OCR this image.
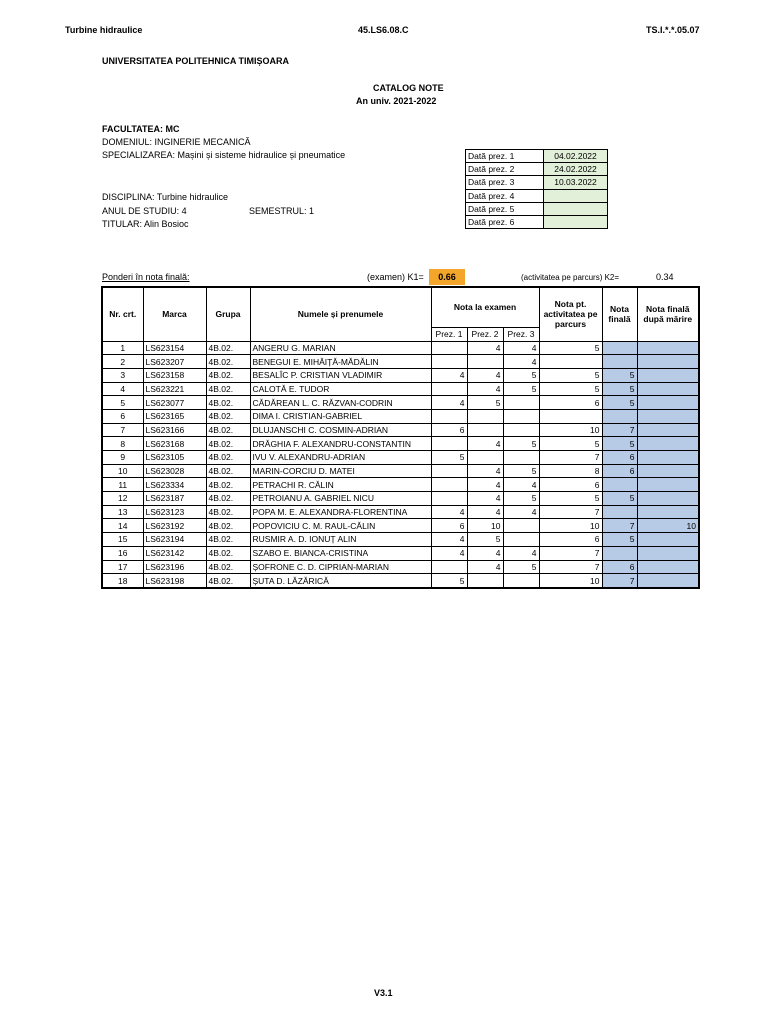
Turbine hidraulice	45.LS6.08.C	TS.I.*.*.05.07
UNIVERSITATEA POLITEHNICA TIMIȘOARA
CATALOG NOTE
An univ. 2021-2022
FACULTATEA: MC
DOMENIUL: INGINERIE MECANICĂ
SPECIALIZAREA: Mașini și sisteme hidraulice și pneumatice
DISCIPLINA: Turbine hidraulice
ANUL DE STUDIU: 4	SEMESTRUL: 1
TITULAR: Alin Bosioc
Dată prez. 1	04.02.2022
Dată prez. 2	24.02.2022
Dată prez. 3	10.03.2022
Dată prez. 4	
Dată prez. 5	
Dată prez. 6	
Ponderi în nota finală:	(examen) K1=	0.66	(activitatea pe parcurs) K2=	0.34
Nr. crt.	Marca	Grupa	Numele și prenumele	Nota la examen			Nota pt. activitatea pe parcurs	Nota finală	Nota finală după mărire
				Prez. 1	Prez. 2	Prez. 3			
1	LS623154	4B.02.	ANGERU G. MARIAN		4	4	5		
2	LS623207	4B.02.	BENEGUI E. MIHĂIȚĂ-MĂDĂLIN			4			
3	LS623158	4B.02.	BESALÎC P. CRISTIAN VLADIMIR	4	4	5	5	5	
4	LS623221	4B.02.	CALOTĂ E. TUDOR		4	5	5	5	
5	LS623077	4B.02.	CĂDĂREAN L. C. RĂZVAN-CODRIN	4	5		6	5	
6	LS623165	4B.02.	DIMA I. CRISTIAN-GABRIEL						
7	LS623166	4B.02.	DLUJANSCHI C. COSMIN-ADRIAN	6			10	7	
8	LS623168	4B.02.	DRĂGHIA F. ALEXANDRU-CONSTANTIN		4	5	5	5	
9	LS623105	4B.02.	IVU V. ALEXANDRU-ADRIAN	5			7	6	
10	LS623028	4B.02.	MARIN-CORCIU D. MATEI		4	5	8	6	
11	LS623334	4B.02.	PETRACHI R. CĂLIN		4	4	6		
12	LS623187	4B.02.	PETROIANU A. GABRIEL NICU		4	5	5	5	
13	LS623123	4B.02.	POPA M. E. ALEXANDRA-FLORENTINA	4	4	4	7		
14	LS623192	4B.02.	POPOVICIU C. M. RAUL-CĂLIN	6	10		10	7	10
15	LS623194	4B.02.	RUSMIR A. D. IONUȚ ALIN	4	5		6	5	
16	LS623142	4B.02.	SZABO E. BIANCA-CRISTINA	4	4	4	7		
17	LS623196	4B.02.	ȘOFRONE C. D. CIPRIAN-MARIAN		4	5	7	6	
18	LS623198	4B.02.	ȘUTA D. LĂZĂRICĂ	5			10	7	
V3.1
